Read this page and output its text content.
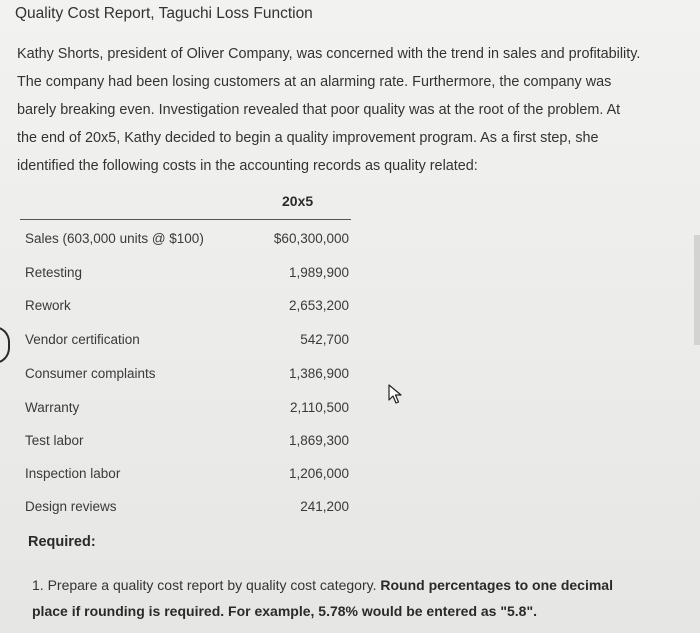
Quality Cost Report, Taguchi Loss Function

Kathy Shorts, president of Oliver Company, was concerned with the trend in sales and profitability.

The company had been losing customers at an alarming rate. Furthermore, the company was

barely breaking even. Investigation revealed that poor quality was at the root of the problem. At

the end of 20x5, Kathy decided to begin a quality improvement program. As a first step, she

identified the following costs in the accounting records as quality related:

20x5
Sales (603,000 units @ $100)	$60,300,000
Retesting	1,989,900
Rework	2,653,200
Vendor certification	542,700
Consumer complaints	1,386,900
Warranty	2,110,500
Test labor	1,869,300
Inspection labor	1,206,000
Design reviews	241,200
Required:
1. Prepare a quality cost report by quality cost category. Round percentages to one decimal
place if rounding is required. For example, 5.78% would be entered as "5.8".
